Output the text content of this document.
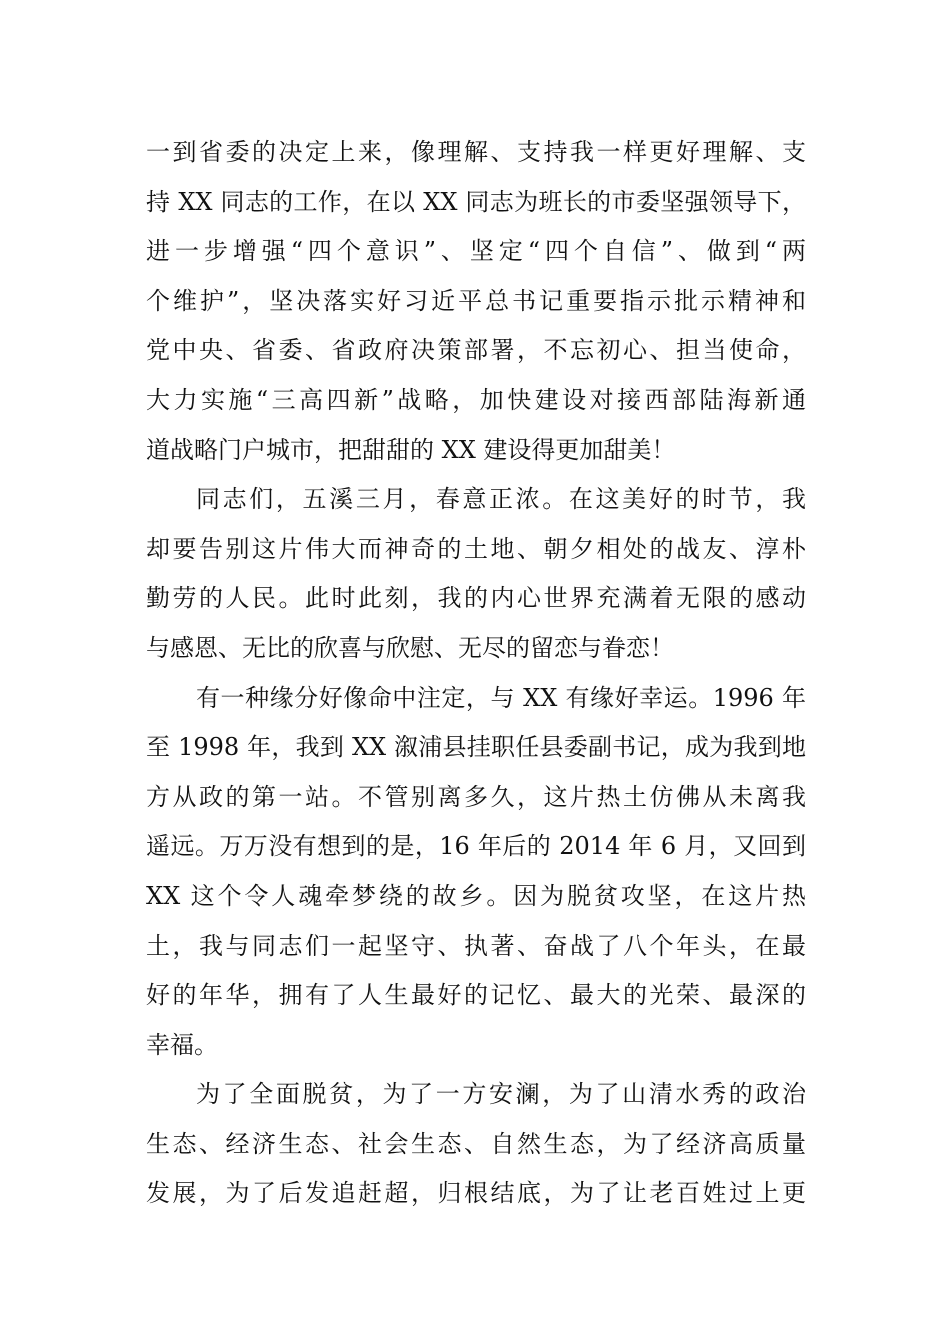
一到省委的决定上来，像理解、支持我一样更好理解、支
持 XX 同志的工作，在以 XX 同志为班长的市委坚强领导下，
进一步增强“四个意识”、坚定“四个自信”、做到“两
个维护”，坚决落实好习近平总书记重要指示批示精神和
党中央、省委、省政府决策部署，不忘初心、担当使命，
大力实施“三高四新”战略，加快建设对接西部陆海新通
道战略门户城市，把甜甜的 XX 建设得更加甜美！
同志们，五溪三月，春意正浓。在这美好的时节，我
却要告别这片伟大而神奇的土地、朝夕相处的战友、淳朴
勤劳的人民。此时此刻，我的内心世界充满着无限的感动
与感恩、无比的欣喜与欣慰、无尽的留恋与眷恋！
有一种缘分好像命中注定，与 XX 有缘好幸运。1996 年
至 1998 年，我到 XX 溆浦县挂职任县委副书记，成为我到地
方从政的第一站。不管别离多久，这片热土仿佛从未离我
遥远。万万没有想到的是，16 年后的 2014 年 6 月，又回到
XX 这个令人魂牵梦绕的故乡。因为脱贫攻坚，在这片热
土，我与同志们一起坚守、执著、奋战了八个年头，在最
好的年华，拥有了人生最好的记忆、最大的光荣、最深的
幸福。
为了全面脱贫，为了一方安澜，为了山清水秀的政治
生态、经济生态、社会生态、自然生态，为了经济高质量
发展，为了后发追赶超，归根结底，为了让老百姓过上更
